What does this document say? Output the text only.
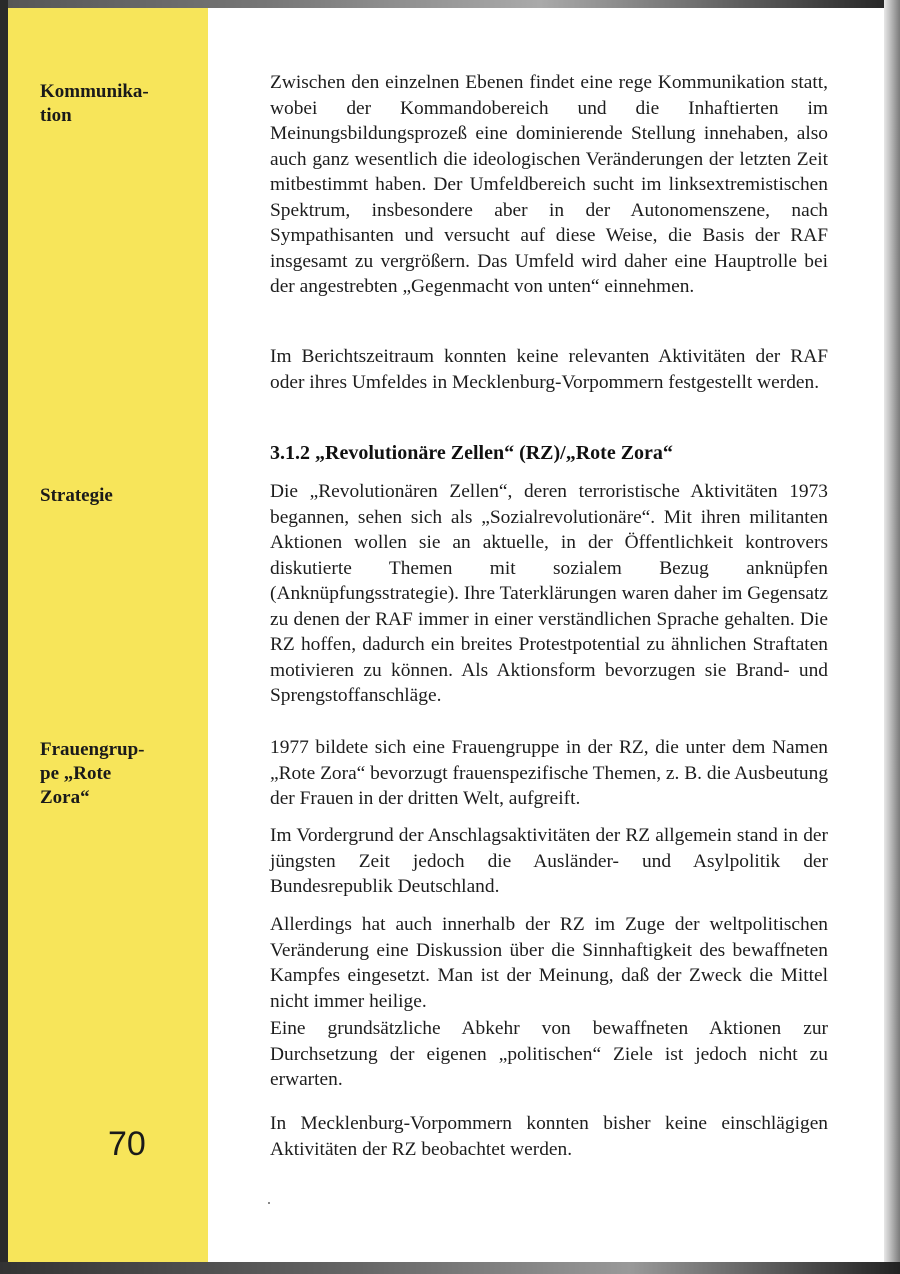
Kommunika-
tion
Strategie
Frauengrup-
pe „Rote
Zora“
70

Zwischen den einzelnen Ebenen findet eine rege Kommunikation statt, wobei der Kommandobereich und die Inhaftierten im Meinungsbildungsprozeß eine dominierende Stellung innehaben, also auch ganz wesentlich die ideologischen Veränderungen der letzten Zeit mitbestimmt haben. Der Umfeldbereich sucht im linksextremistischen Spektrum, insbesondere aber in der Autonomenszene, nach Sympathisanten und versucht auf diese Weise, die Basis der RAF insgesamt zu vergrößern. Das Umfeld wird daher eine Hauptrolle bei der angestrebten „Gegenmacht von unten“ einnehmen.

Im Berichtszeitraum konnten keine relevanten Aktivitäten der RAF oder ihres Umfeldes in Mecklenburg-Vorpommern festgestellt werden.

3.1.2 „Revolutionäre Zellen“ (RZ)/„Rote Zora“

Die „Revolutionären Zellen“, deren terroristische Aktivitäten 1973 begannen, sehen sich als „Sozialrevolutionäre“. Mit ihren militanten Aktionen wollen sie an aktuelle, in der Öffentlichkeit kontrovers diskutierte Themen mit sozialem Bezug anknüpfen (Anknüpfungsstrategie). Ihre Taterklärungen waren daher im Gegensatz zu denen der RAF immer in einer verständlichen Sprache gehalten. Die RZ hoffen, dadurch ein breites Protestpotential zu ähnlichen Straftaten motivieren zu können. Als Aktionsform bevorzugen sie Brand- und Sprengstoffanschläge.

1977 bildete sich eine Frauengruppe in der RZ, die unter dem Namen „Rote Zora“ bevorzugt frauenspezifische Themen, z. B. die Ausbeutung der Frauen in der dritten Welt, aufgreift.

Im Vordergrund der Anschlagsaktivitäten der RZ allgemein stand in der jüngsten Zeit jedoch die Ausländer- und Asylpolitik der Bundesrepublik Deutschland.

Allerdings hat auch innerhalb der RZ im Zuge der weltpolitischen Veränderung eine Diskussion über die Sinnhaftigkeit des bewaffneten Kampfes eingesetzt. Man ist der Meinung, daß der Zweck die Mittel nicht immer heilige.

Eine grundsätzliche Abkehr von bewaffneten Aktionen zur Durchsetzung der eigenen „politischen“ Ziele ist jedoch nicht zu erwarten.

In Mecklenburg-Vorpommern konnten bisher keine einschlägigen Aktivitäten der RZ beobachtet werden.
